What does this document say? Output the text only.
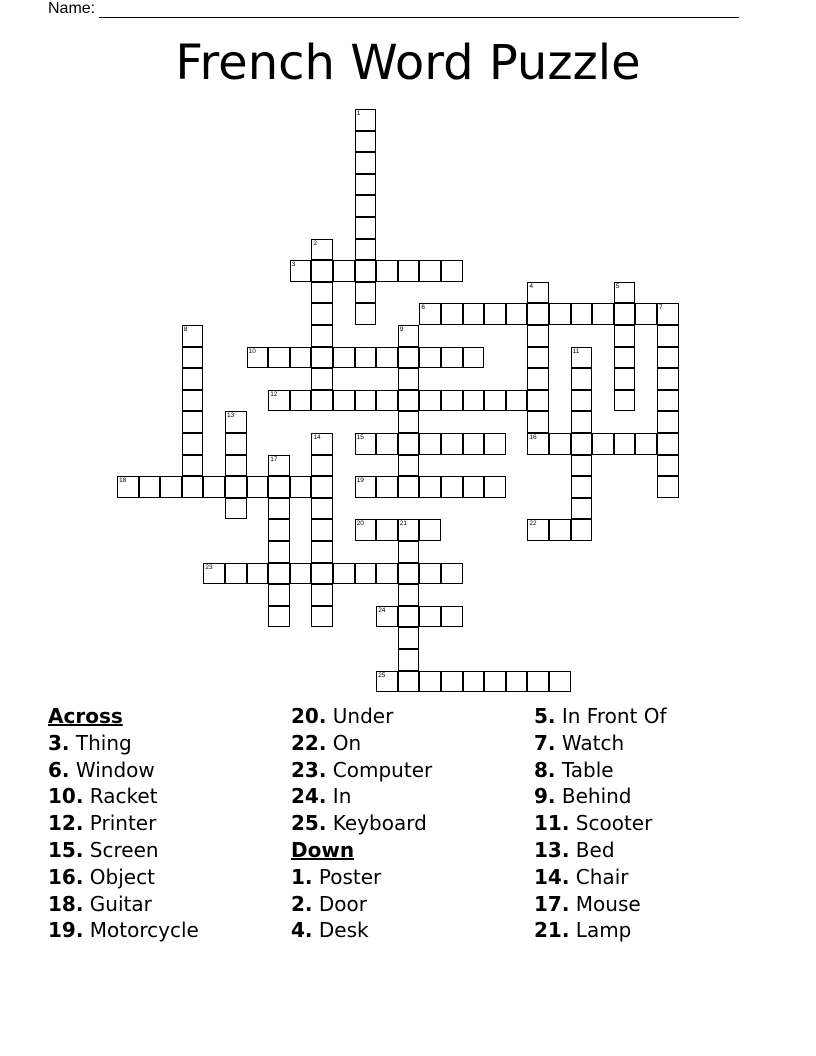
Name:
French Word Puzzle
1
2
3
4
16
5
6	7
8	9
10	11
12
13
14	15
17
18	19
20	21	22
23
24
25
Across
3. Thing
6. Window
10. Racket
12. Printer
15. Screen
16. Object
18. Guitar
19. Motorcycle
20. Under
22. On
23. Computer
24. In
25. Keyboard
Down
1. Poster
2. Door
4. Desk
5. In Front Of
7. Watch
8. Table
9. Behind
11. Scooter
13. Bed
14. Chair
17. Mouse
21. Lamp
